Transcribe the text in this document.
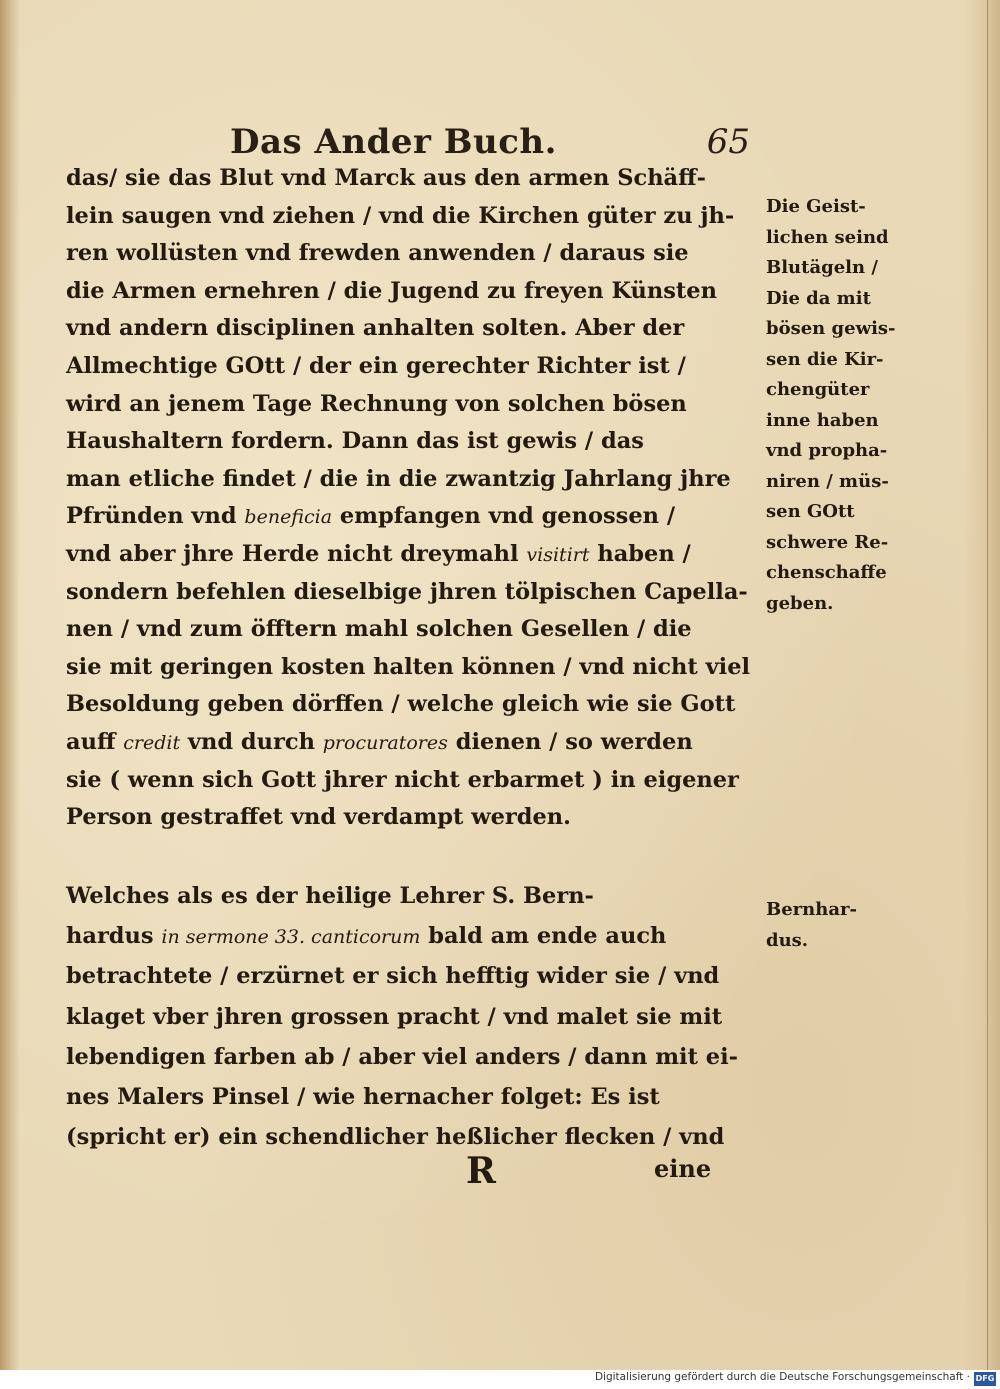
Das Ander Buch.	65
das/ sie das Blut vnd Marck aus den armen Schäff-
lein saugen vnd ziehen / vnd die Kirchen güter zu jh-
ren wollüsten vnd frewden anwenden / daraus sie
die Armen ernehren / die Jugend zu freyen Künsten
vnd andern disciplinen anhalten solten. Aber der
Allmechtige GOtt / der ein gerechter Richter ist /
wird an jenem Tage Rechnung von solchen bösen
Haushaltern fordern. Dann das ist gewis / das
man etliche findet / die in die zwantzig Jahrlang jhre
Pfründen vnd beneficia empfangen vnd genossen /
vnd aber jhre Herde nicht dreymahl visitirt haben /
sondern befehlen dieselbige jhren tölpischen Capella-
nen / vnd zum öfftern mahl solchen Gesellen / die
sie mit geringen kosten halten können / vnd nicht viel
Besoldung geben dörffen / welche gleich wie sie Gott
auff credit vnd durch procuratores dienen / so werden
sie ( wenn sich Gott jhrer nicht erbarmet ) in eigener
Person gestraffet vnd verdampt werden.
Welches als es der heilige Lehrer S. Bern-
hardus in sermone 33. canticorum bald am ende auch
betrachtete / erzürnet er sich hefftig wider sie / vnd
klaget vber jhren grossen pracht / vnd malet sie mit
lebendigen farben ab / aber viel anders / dann mit ei-
nes Malers Pinsel / wie hernacher folget: Es ist
(spricht er) ein schendlicher heßlicher flecken / vnd
Die Geist-
lichen seind
Blutägeln /
Die da mit
bösen gewis-
sen die Kir-
chengüter
inne haben
vnd propha-
niren / müs-
sen GOtt
schwere Re-
chenschaffe
geben.
Bernhar-
dus.
R	eine
Digitalisierung gefördert durch die Deutsche Forschungsgemeinschaft · DFG
